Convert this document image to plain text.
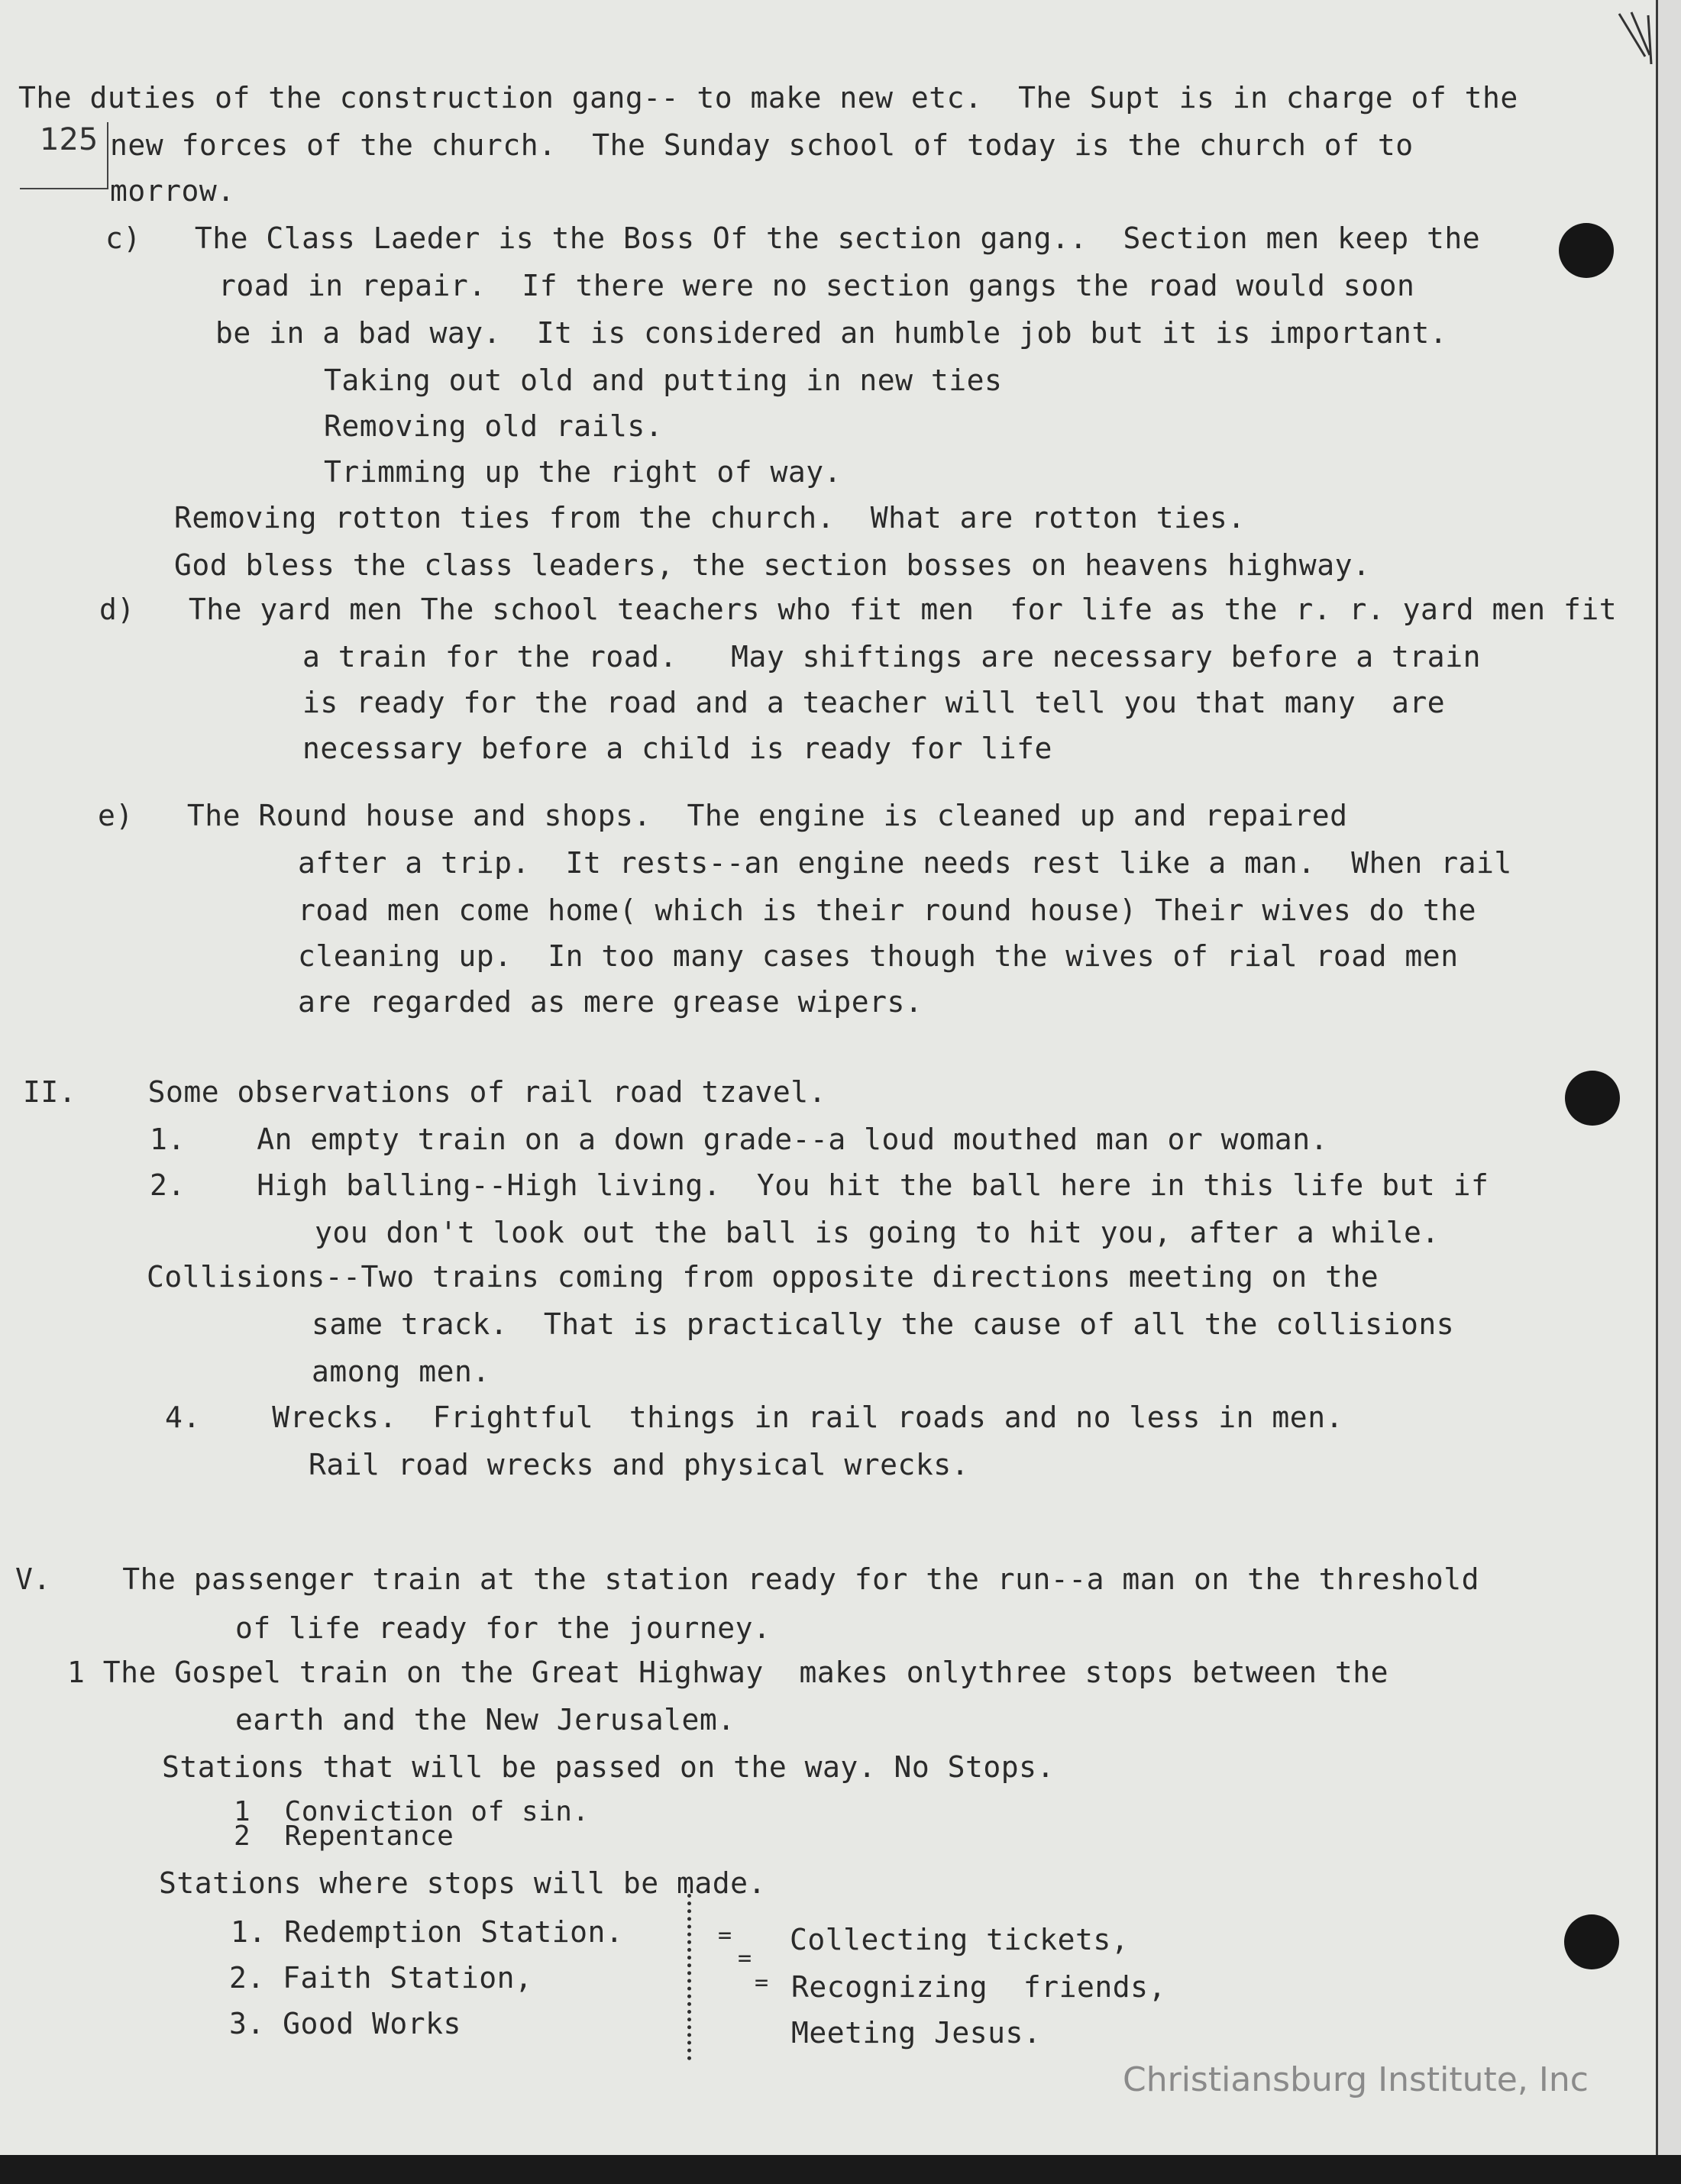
125
The duties of the construction gang-- to make new etc.  The Supt is in charge of the
new forces of the church.  The Sunday school of today is the church of to
morrow.
c)   The Class Laeder is the Boss Of the section gang..  Section men keep the
road in repair.  If there were no section gangs the road would soon
be in a bad way.  It is considered an humble job but it is important.
Taking out old and putting in new ties
Removing old rails.
Trimming up the right of way.
Removing rotton ties from the church.  What are rotton ties.
God bless the class leaders, the section bosses on heavens highway.
d)   The yard men The school teachers who fit men  for life as the r. r. yard men fit
a train for the road.   May shiftings are necessary before a train
is ready for the road and a teacher will tell you that many  are
necessary before a child is ready for life
e)   The Round house and shops.  The engine is cleaned up and repaired
after a trip.  It rests--an engine needs rest like a man.  When rail
road men come home( which is their round house) Their wives do the
cleaning up.  In too many cases though the wives of rial road men
are regarded as mere grease wipers.
II.    Some observations of rail road tzavel.
1.    An empty train on a down grade--a loud mouthed man or woman.
2.    High balling--High living.  You hit the ball here in this life but if
you don't look out the ball is going to hit you, after a while.
Collisions--Two trains coming from opposite directions meeting on the
same track.  That is practically the cause of all the collisions
among men.
4.    Wrecks.  Frightful  things in rail roads and no less in men.
Rail road wrecks and physical wrecks.
V.    The passenger train at the station ready for the run--a man on the threshold
of life ready for the journey.
1 The Gospel train on the Great Highway  makes onlythree stops between the
earth and the New Jerusalem.
Stations that will be passed on the way. No Stops.
1  Conviction of sin.
2  Repentance
Stations where stops will be made.
1. Redemption Station.	Collecting tickets,
2. Faith Station,	Recognizing  friends,
3. Good Works	Meeting Jesus.
=
=
=
Christiansburg Institute, Inc
